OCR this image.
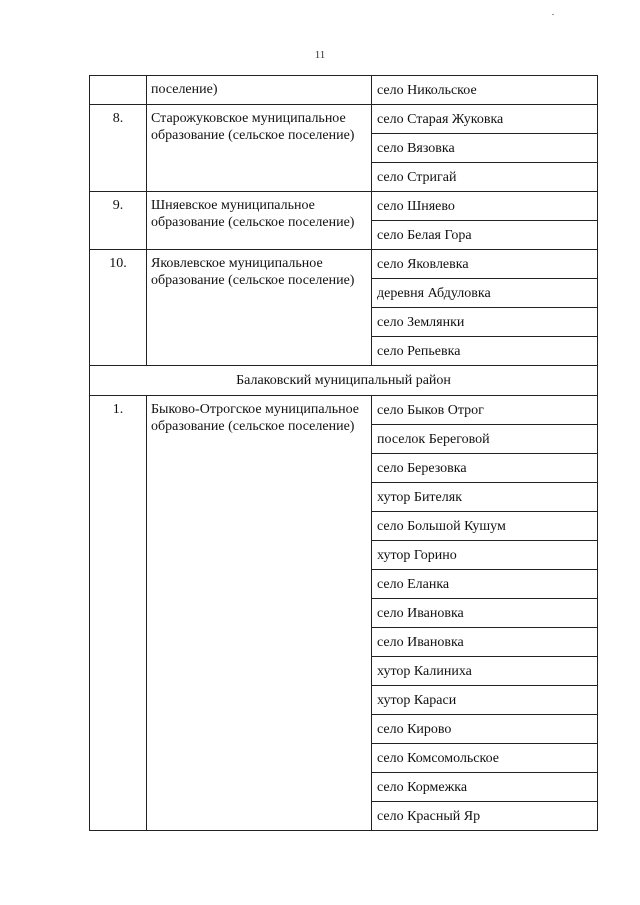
11
	поселение)	село Никольское
8.	Старожуковское муниципальное образование (сельское поселение)	село Старая Жуковка
		село Вязовка
		село Стригай
9.	Шняевское муниципальное образование (сельское поселение)	село Шняево
		село Белая Гора
10.	Яковлевское муниципальное образование (сельское поселение)	село Яковлевка
		деревня Абдуловка
		село Землянки
		село Репьевка
Балаковский муниципальный район		
1.	Быково-Отрогское муниципальное образование (сельское поселение)	село Быков Отрог
		поселок Береговой
		село Березовка
		хутор Бителяк
		село Большой Кушум
		хутор Горино
		село Еланка
		село Ивановка
		село Ивановка
		хутор Калиниха
		хутор Караси
		село Кирово
		село Комсомольское
		село Кормежка
		село Красный Яр
